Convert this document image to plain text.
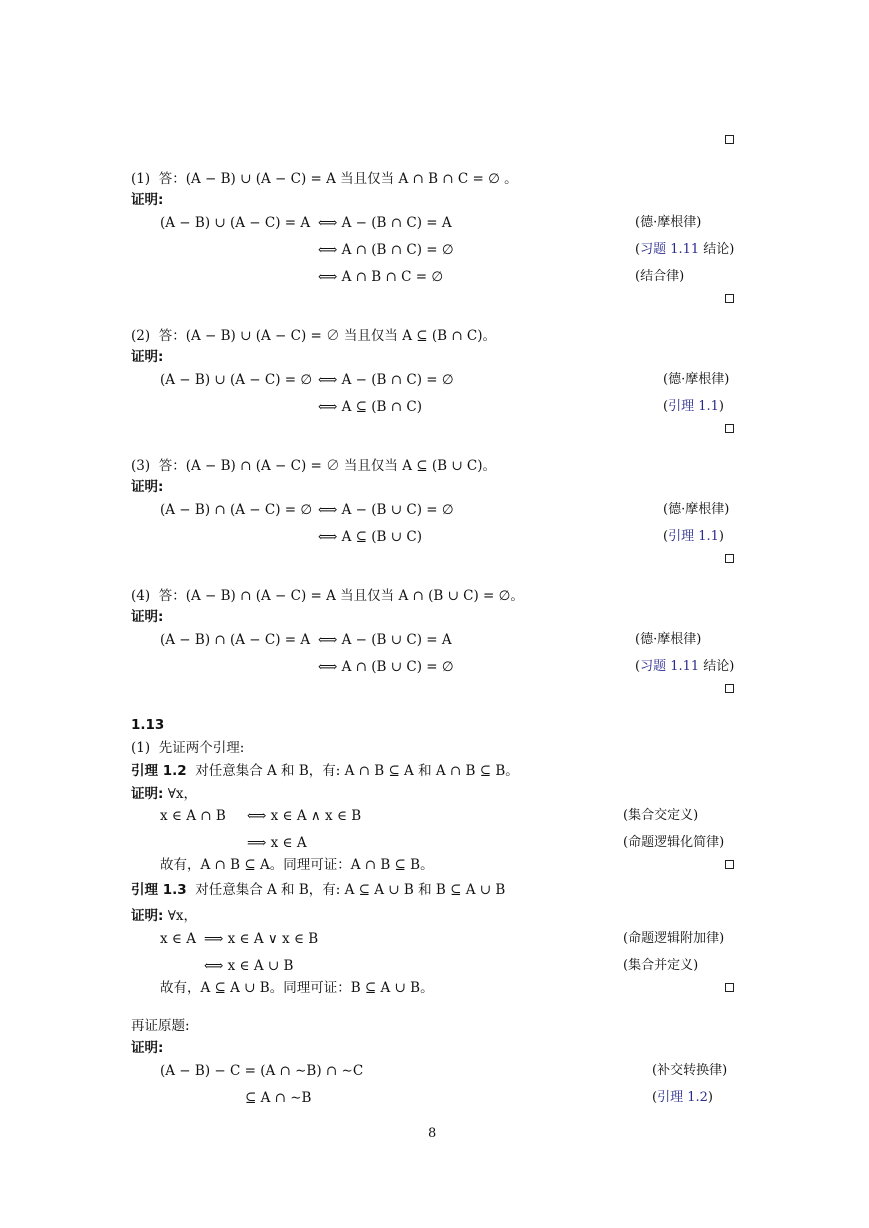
(1) 答：(A − B) ∪ (A − C) = A 当且仅当 A ∩ B ∩ C = ∅ 。
证明:
(A − B) ∪ (A − C) = A ⟺ A − (B ∩ C) = A	(德·摩根律)
⟺ A ∩ (B ∩ C) = ∅	(习题 1.11 结论)
⟺ A ∩ B ∩ C = ∅	(结合律)
(2) 答：(A − B) ∪ (A − C) = ∅ 当且仅当 A ⊆ (B ∩ C)。
证明:
(A − B) ∪ (A − C) = ∅ ⟺ A − (B ∩ C) = ∅	(德·摩根律)
⟺ A ⊆ (B ∩ C)	(引理 1.1)
(3) 答：(A − B) ∩ (A − C) = ∅ 当且仅当 A ⊆ (B ∪ C)。
证明:
(A − B) ∩ (A − C) = ∅ ⟺ A − (B ∪ C) = ∅	(德·摩根律)
⟺ A ⊆ (B ∪ C)	(引理 1.1)
(4) 答：(A − B) ∩ (A − C) = A 当且仅当 A ∩ (B ∪ C) = ∅。
证明:
(A − B) ∩ (A − C) = A ⟺ A − (B ∪ C) = A	(德·摩根律)
⟺ A ∩ (B ∪ C) = ∅	(习题 1.11 结论)
1.13
(1) 先证两个引理:
引理 1.2 对任意集合 A 和 B，有: A ∩ B ⊆ A 和 A ∩ B ⊆ B。
证明: ∀x，
x ∈ A ∩ B ⟺ x ∈ A ∧ x ∈ B	(集合交定义)
⟹ x ∈ A	(命题逻辑化简律)
故有，A ∩ B ⊆ A。同理可证：A ∩ B ⊆ B。
引理 1.3 对任意集合 A 和 B，有: A ⊆ A ∪ B 和 B ⊆ A ∪ B
证明: ∀x，
x ∈ A ⟹ x ∈ A ∨ x ∈ B	(命题逻辑附加律)
⟺ x ∈ A ∪ B	(集合并定义)
故有，A ⊆ A ∪ B。同理可证：B ⊆ A ∪ B。
再证原题:
证明:
(A − B) − C = (A ∩ ∼B) ∩ ∼C	(补交转换律)
⊆ A ∩ ∼B	(引理 1.2)
8
